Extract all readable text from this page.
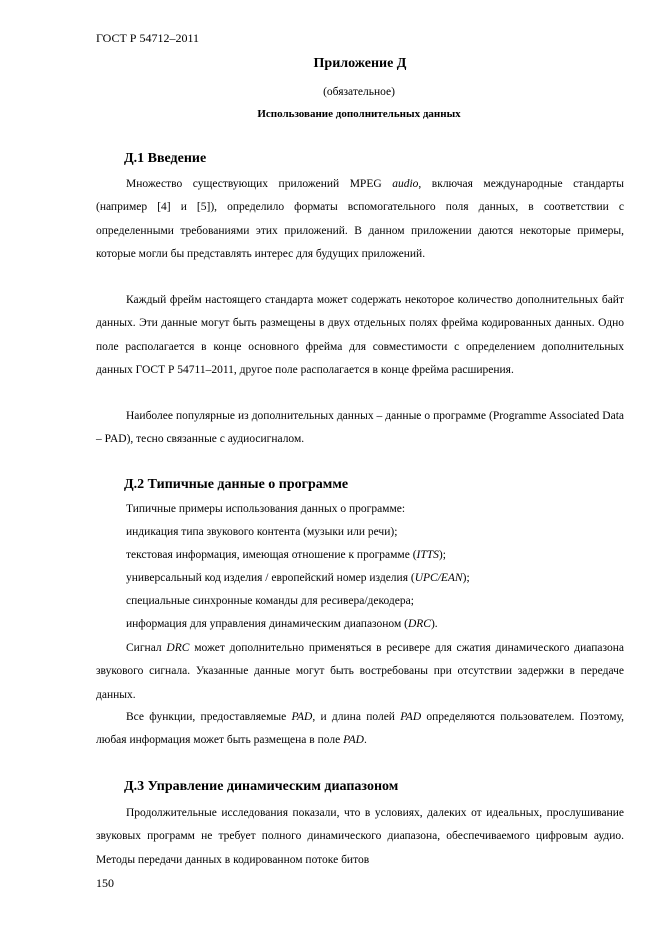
ГОСТ Р 54712–2011
Приложение Д
(обязательное)
Использование дополнительных данных
Д.1 Введение

Множество существующих приложений MPEG audio, включая международные стандарты (например [4] и [5]), определило форматы вспомогательного поля данных, в соответствии с определенными требованиями этих приложений. В данном приложении даются некоторые примеры, которые могли бы представлять интерес для будущих приложений.

Каждый фрейм настоящего стандарта может содержать некоторое количество дополнительных байт данных. Эти данные могут быть размещены в двух отдельных полях фрейма кодированных данных. Одно поле располагается в конце основного фрейма для совместимости с определением дополнительных данных ГОСТ Р 54711–2011, другое поле располагается в конце фрейма расширения.

Наиболее популярные из дополнительных данных – данные о программе (Programme Associated Data – PAD), тесно связанные с аудиосигналом.

Д.2 Типичные данные о программе

Типичные примеры использования данных о программе:

индикация типа звукового контента (музыки или речи);

текстовая информация, имеющая отношение к программе (ITTS);

универсальный код изделия / европейский номер изделия (UPC/EAN);

специальные синхронные команды для ресивера/декодера;

информация для управления динамическим диапазоном (DRC).

Сигнал DRC может дополнительно применяться в ресивере для сжатия динамического диапазона звукового сигнала. Указанные данные могут быть востребованы при отсутствии задержки в передаче данных.

Все функции, предоставляемые PAD, и длина полей PAD определяются пользователем. Поэтому, любая информация может быть размещена в поле PAD.

Д.3 Управление динамическим диапазоном

Продолжительные исследования показали, что в условиях, далеких от идеальных, прослушивание звуковых программ не требует полного динамического диапазона, обеспечиваемого цифровым аудио. Методы передачи данных в кодированном потоке битов

150
